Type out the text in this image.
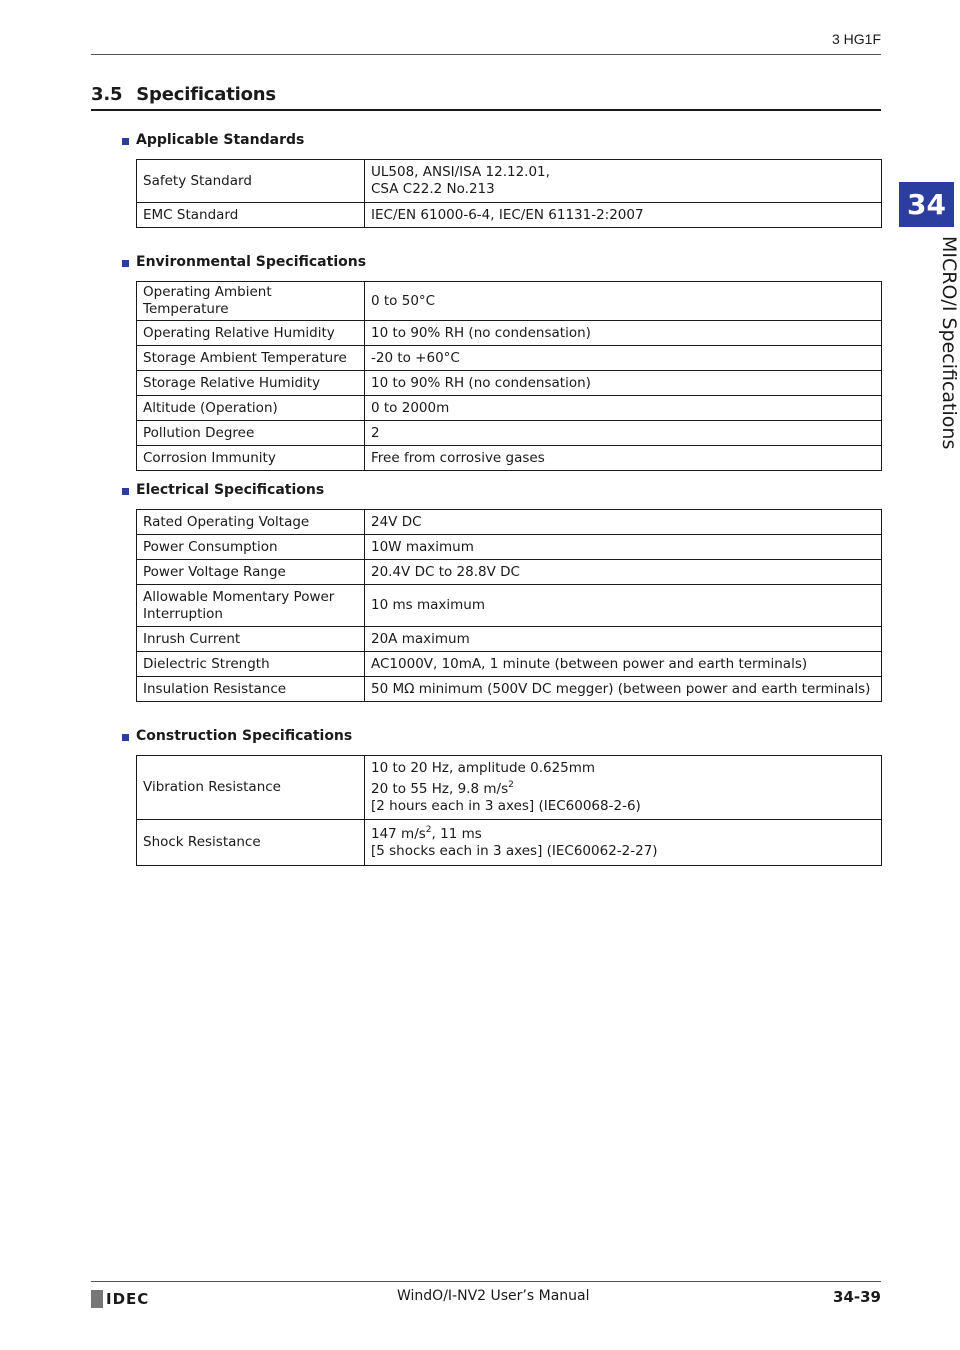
3 HG1F
3.5 Specifications
34
MICRO/I Specifications
Applicable Standards
Safety Standard	UL508, ANSI/ISA 12.12.01,
CSA C22.2 No.213

EMC Standard	IEC/EN 61000-6-4, IEC/EN 61131-2:2007
Environmental Specifications
Operating Ambient Temperature	0 to 50°C
Operating Relative Humidity	10 to 90% RH (no condensation)
Storage Ambient Temperature	-20 to +60°C
Storage Relative Humidity	10 to 90% RH (no condensation)
Altitude (Operation)	0 to 2000m
Pollution Degree	2
Corrosion Immunity	Free from corrosive gases
Electrical Specifications
Rated Operating Voltage	24V DC
Power Consumption	10W maximum
Power Voltage Range	20.4V DC to 28.8V DC
Allowable Momentary Power Interruption	10 ms maximum
Inrush Current	20A maximum
Dielectric Strength	AC1000V, 10mA, 1 minute (between power and earth terminals)
Insulation Resistance	50 MΩ minimum (500V DC megger) (between power and earth terminals)
Construction Specifications
Vibration Resistance	10 to 20 Hz, amplitude 0.625mm
20 to 55 Hz, 9.8 $m/s^2$
[2 hours each in 3 axes] (IEC60068-2-6)

Shock Resistance	147 $m/s^2$, 11 ms
[5 shocks each in 3 axes] (IEC60062-2-27)
IDEC	WindO/I-NV2 User’s Manual	34-39
